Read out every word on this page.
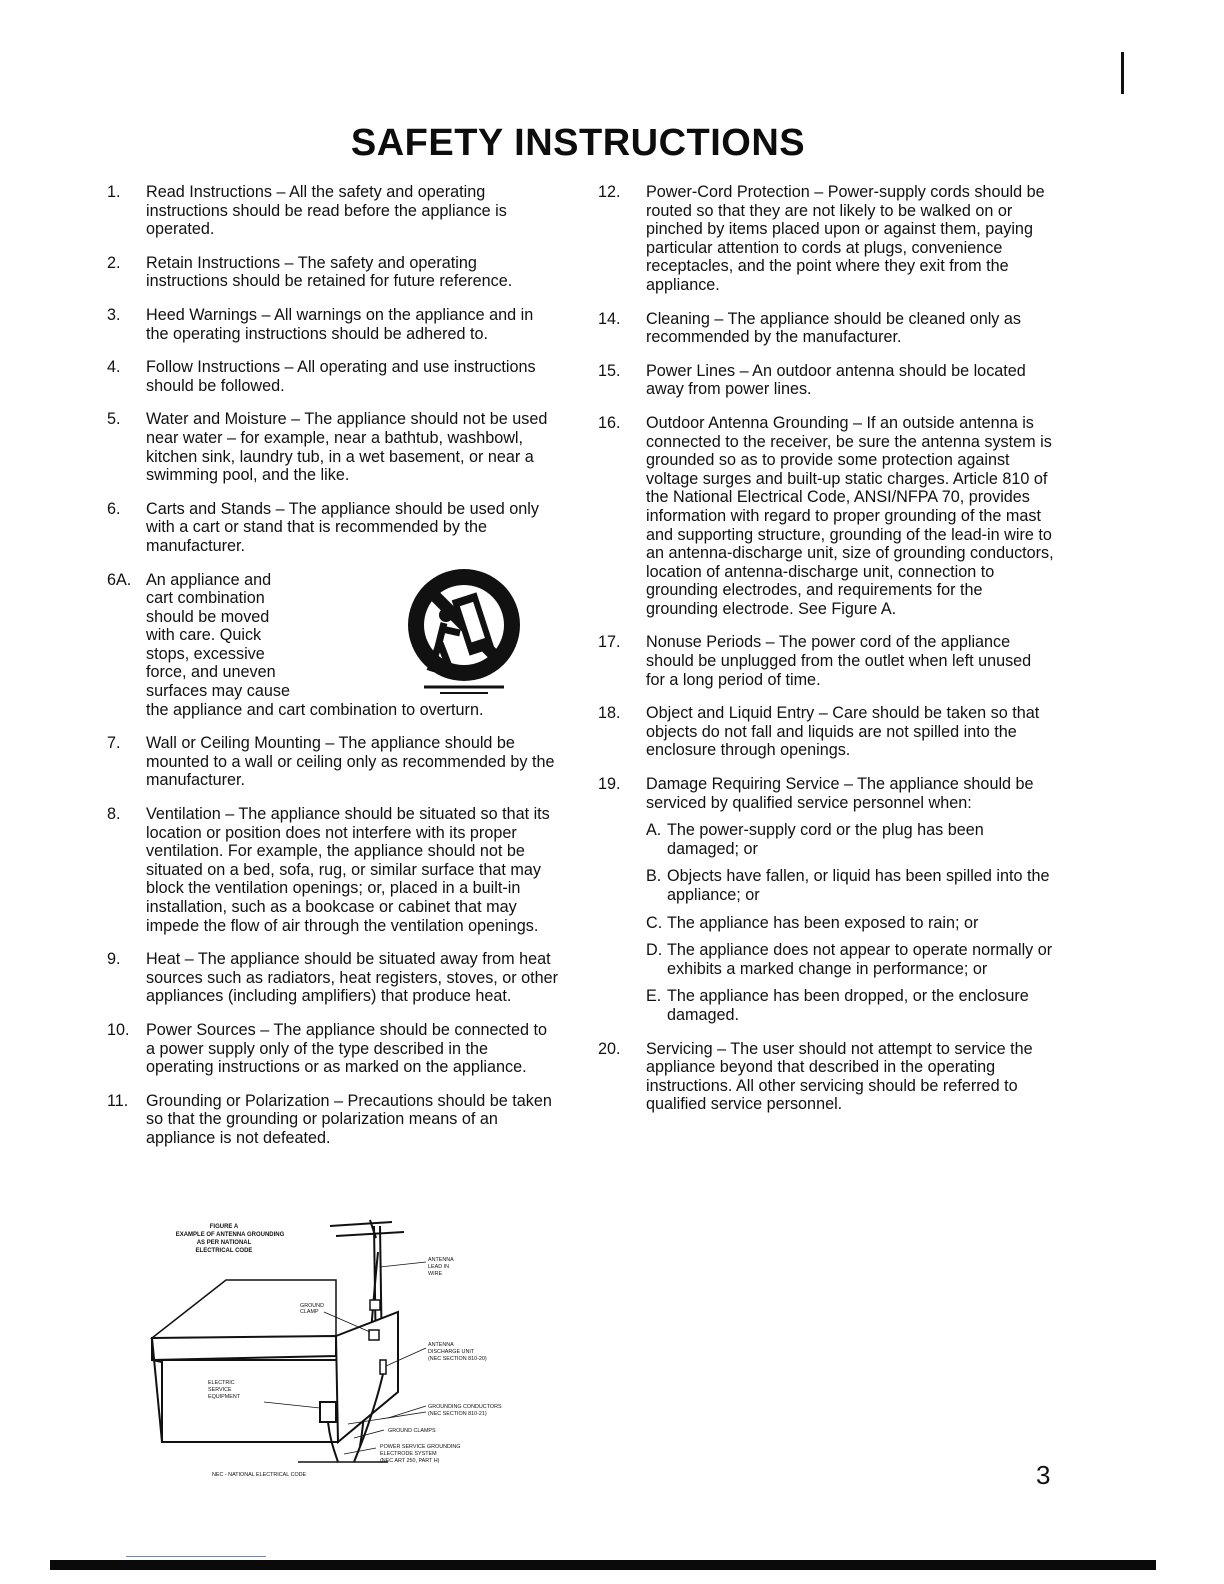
SAFETY INSTRUCTIONS
1. Read Instructions – All the safety and operating instructions should be read before the appliance is operated.
2. Retain Instructions – The safety and operating instructions should be retained for future reference.
3. Heed Warnings – All warnings on the appliance and in the operating instructions should be adhered to.
4. Follow Instructions – All operating and use instructions should be followed.
5. Water and Moisture – The appliance should not be used near water – for example, near a bathtub, washbowl, kitchen sink, laundry tub, in a wet basement, or near a swimming pool, and the like.
6. Carts and Stands – The appliance should be used only with a cart or stand that is recommended by the manufacturer.
6A. An appliance and cart combination should be moved with care. Quick stops, excessive force, and uneven surfaces may cause
the appliance and cart combination to overturn.
7. Wall or Ceiling Mounting – The appliance should be mounted to a wall or ceiling only as recommended by the manufacturer.
8. Ventilation – The appliance should be situated so that its location or position does not interfere with its proper ventilation. For example, the appliance should not be situated on a bed, sofa, rug, or similar surface that may block the ventilation openings; or, placed in a built-in installation, such as a bookcase or cabinet that may impede the flow of air through the ventilation openings.
9. Heat – The appliance should be situated away from heat sources such as radiators, heat registers, stoves, or other appliances (including amplifiers) that produce heat.
10. Power Sources – The appliance should be connected to a power supply only of the type described in the operating instructions or as marked on the appliance.
11. Grounding or Polarization – Precautions should be taken so that the grounding or polarization means of an appliance is not defeated.
12. Power-Cord Protection – Power-supply cords should be routed so that they are not likely to be walked on or pinched by items placed upon or against them, paying particular attention to cords at plugs, convenience receptacles, and the point where they exit from the appliance.
14. Cleaning – The appliance should be cleaned only as recommended by the manufacturer.
15. Power Lines – An outdoor antenna should be located away from power lines.
16. Outdoor Antenna Grounding – If an outside antenna is connected to the receiver, be sure the antenna system is grounded so as to provide some protection against voltage surges and built-up static charges. Article 810 of the National Electrical Code, ANSI/NFPA 70, provides information with regard to proper grounding of the mast and supporting structure, grounding of the lead-in wire to an antenna-discharge unit, size of grounding conductors, location of antenna-discharge unit, connection to grounding electrodes, and requirements for the grounding electrode. See Figure A.
17. Nonuse Periods – The power cord of the appliance should be unplugged from the outlet when left unused for a long period of time.
18. Object and Liquid Entry – Care should be taken so that objects do not fall and liquids are not spilled into the enclosure through openings.
19. Damage Requiring Service – The appliance should be serviced by qualified service personnel when:
A. The power-supply cord or the plug has been damaged; or
B. Objects have fallen, or liquid has been spilled into the appliance; or
C. The appliance has been exposed to rain; or
D. The appliance does not appear to operate normally or exhibits a marked change in performance; or
E. The appliance has been dropped, or the enclosure damaged.
20. Servicing – The user should not attempt to service the appliance beyond that described in the operating instructions. All other servicing should be referred to qualified service personnel.
FIGURE A
EXAMPLE OF ANTENNA GROUNDING
AS PER NATIONAL
ELECTRICAL CODE
ANTENNA
LEAD IN
WIRE
GROUND
CLAMP
ANTENNA
DISCHARGE UNIT
(NEC SECTION 810-20)
ELECTRIC
SERVICE
EQUIPMENT
GROUNDING CONDUCTORS
(NEC SECTION 810-21)
GROUND CLAMPS
POWER SERVICE GROUNDING
ELECTRODE SYSTEM
(NEC ART 250, PART H)
NEC - NATIONAL ELECTRICAL CODE	3
